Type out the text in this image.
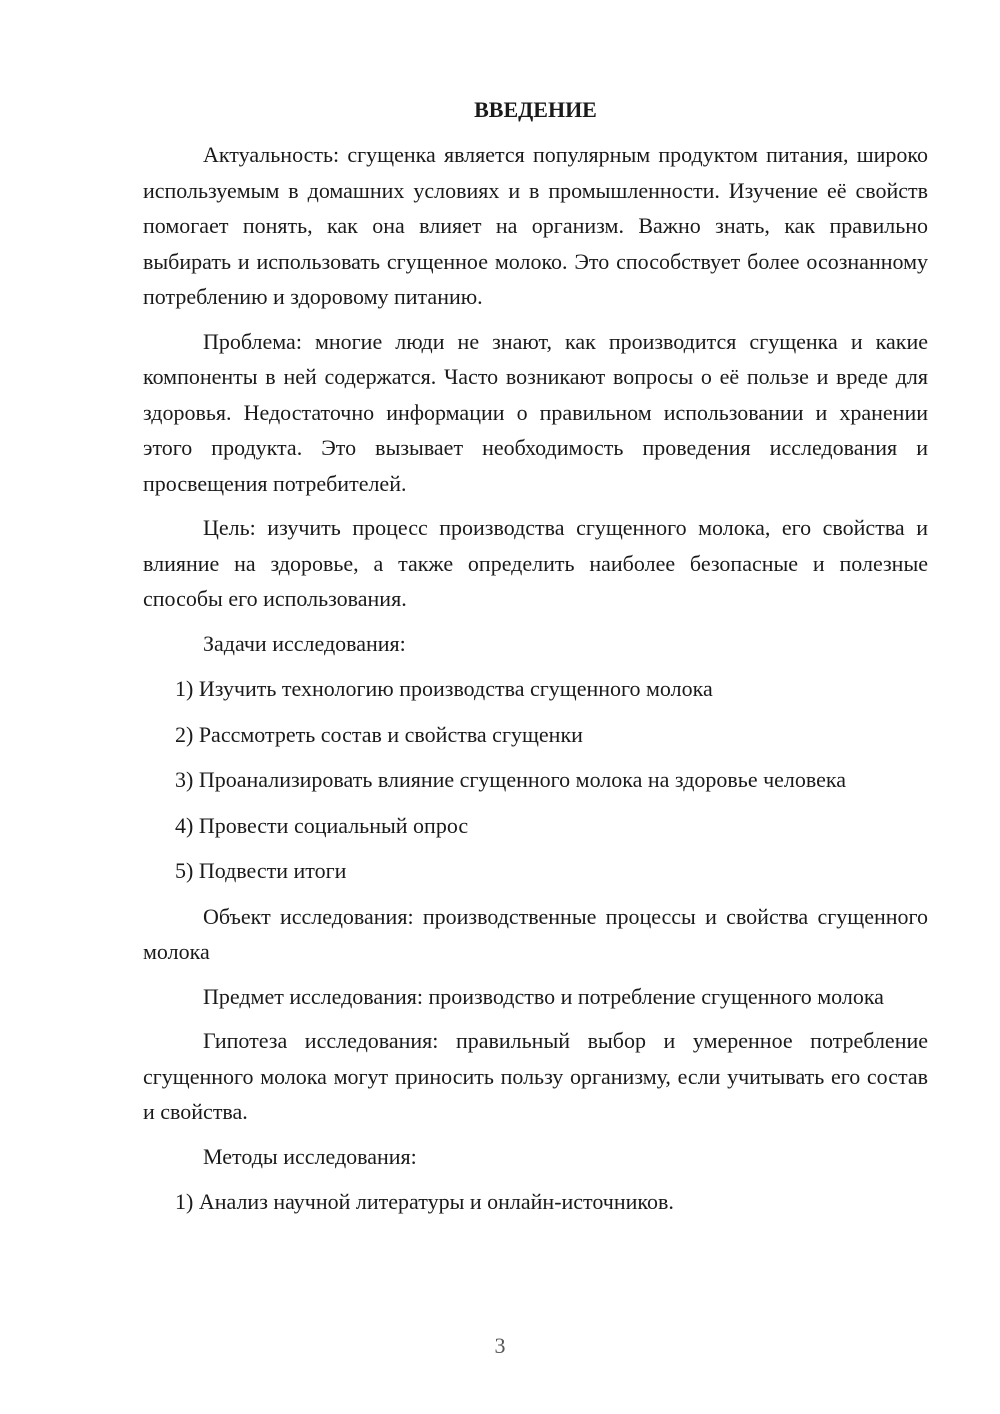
ВВЕДЕНИЕ

Актуальность: сгущенка является популярным продуктом питания, широко используемым в домашних условиях и в промышленности. Изучение её свойств помогает понять, как она влияет на организм. Важно знать, как правильно выбирать и использовать сгущенное молоко. Это способствует более осознанному потреблению и здоровому питанию.

Проблема: многие люди не знают, как производится сгущенка и какие компоненты в ней содержатся. Часто возникают вопросы о её пользе и вреде для здоровья. Недостаточно информации о правильном использовании и хранении этого продукта. Это вызывает необходимость проведения исследования и просвещения потребителей.

Цель: изучить процесс производства сгущенного молока, его свойства и влияние на здоровье, а также определить наиболее безопасные и полезные способы его использования.

Задачи исследования:

1) Изучить технологию производства сгущенного молока

2) Рассмотреть состав и свойства сгущенки

3) Проанализировать влияние сгущенного молока на здоровье человека

4) Провести социальный опрос

5) Подвести итоги

Объект исследования: производственные процессы и свойства сгущенного молока

Предмет исследования: производство и потребление сгущенного молока

Гипотеза исследования: правильный выбор и умеренное потребление сгущенного молока могут приносить пользу организму, если учитывать его состав и свойства.

Методы исследования:

1) Анализ научной литературы и онлайн-источников.

3
